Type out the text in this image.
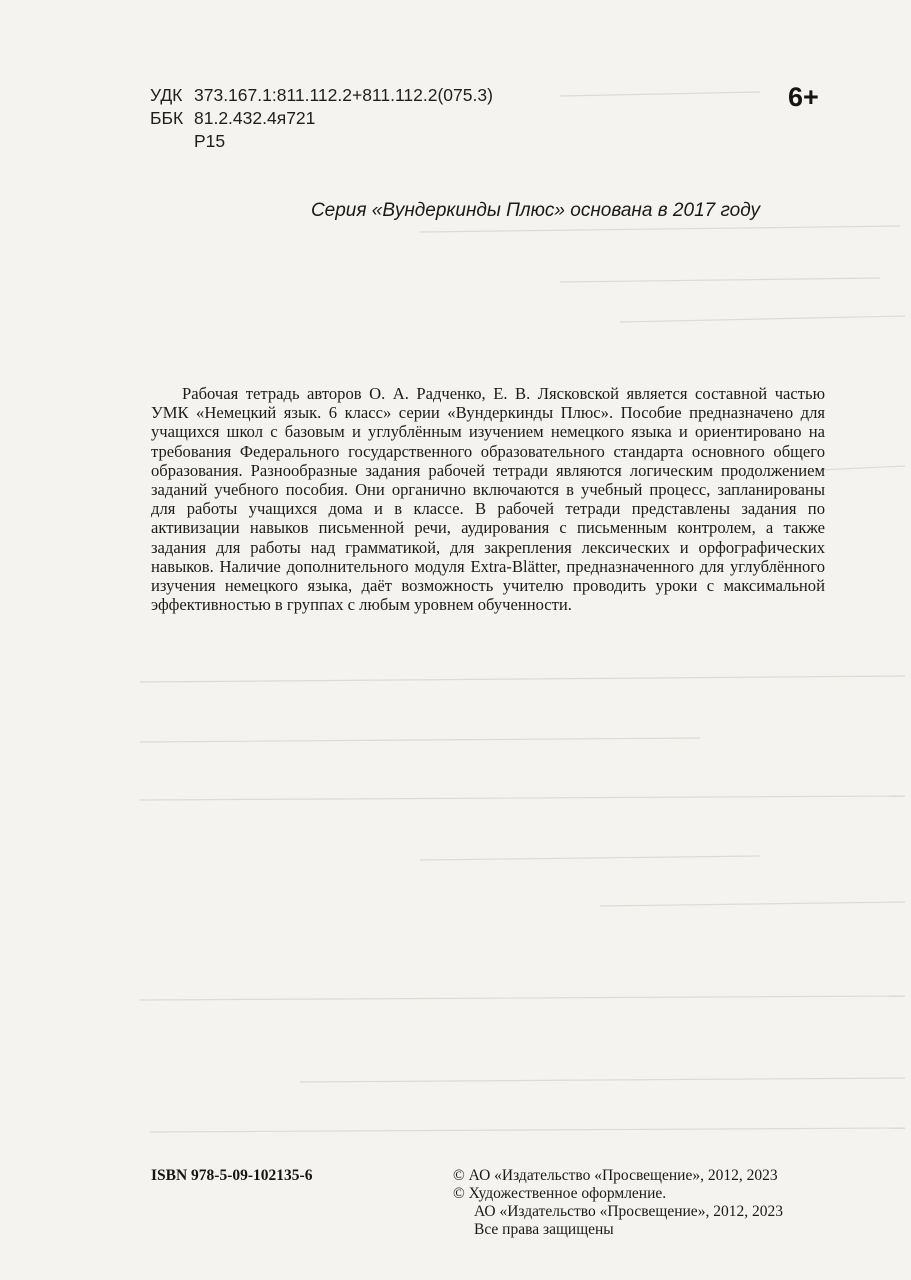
УДК 373.167.1:811.112.2+811.112.2(075.3)
ББК 81.2.432.4я721
Р15
6+
Серия «Вундеркинды Плюс» основана в 2017 году

Рабочая тетрадь авторов О. А. Радченко, Е. В. Лясковской является составной частью УМК «Немецкий язык. 6 класс» серии «Вундеркинды Плюс». Пособие предназначено для учащихся школ с базовым и углублённым изучением немецкого языка и ориентировано на требования Федерального государственного образовательного стандарта основного общего образования. Разнообразные задания рабочей тетради являются логическим продолжением заданий учебного пособия. Они органично включаются в учебный процесс, запланированы для работы учащихся дома и в классе. В рабочей тетради представлены задания по активизации навыков письменной речи, аудирования с письменным контролем, а также задания для работы над грамматикой, для закрепления лексических и орфографических навыков. Наличие дополнительного модуля Extra-Blätter, предназначенного для углублённого изучения немецкого языка, даёт возможность учителю проводить уроки с максимальной эффективностью в группах с любым уровнем обученности.

ISBN 978-5-09-102135-6	© АО «Издательство «Просвещение», 2012, 2023
© Художественное оформление.
АО «Издательство «Просвещение», 2012, 2023
Все права защищены
